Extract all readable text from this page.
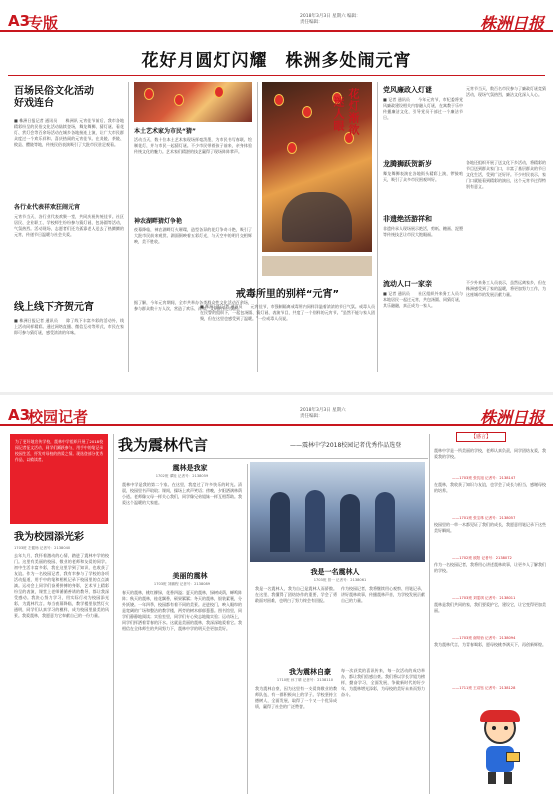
A3
专版	2018年3月3日 星期六 编辑：
责任编辑：	株洲日报
花好月圆灯闪耀　株洲多处闹元宵
百场民俗文化活动
好戏连台
■ 株洲日报记者 通讯员　　株洲讯 元宵佳节前后，我市各地精彩纷呈的民俗文化活动陆续登场，舞龙舞狮、猜灯谜、看花灯、赏灯会等百余场活动在城乡各地接连上演，让广大市民群众度过一个欢乐祥和、喜庆热闹的元宵佳节。在炎陵、茶陵、攸县、醴陵等地，传统民俗表演吸引了大批市民驻足观看。
各行业代表祥欢狂闹元宵
元宵节当天，各行业代表欢聚一堂，共同庆祝传统佳节。社区居民、企业职工、学校师生纷纷参与猜灯谜、包汤圆等活动，气氛热烈。活动现场，志愿者们还为孤寡老人送去了热腾腾的元宵，传递节日温暖与社会关爱。
线上线下齐贺元宵
■ 株洲日报记者 通讯员　　除了线下丰富多彩的活动外，线上活动同样精彩。通过网络直播、微信互动等形式，市民在家即可参与猜灯谜，感受浓浓的年味。
本土艺术家为市民“猜”
活动当天，数十位本土艺术家现场挥毫泼墨，为市民书写春联、绘制花灯，并与市民一起猜灯谜。不少市民带着孩子前来，亲身体验传统文化的魅力。艺术家们精湛的技艺赢得了现场阵阵掌声。
神农湖畔猜灯争艳
夜幕降临，神农湖畔灯火璀璨，造型各异的花灯争奇斗艳，吸引了大批市民前来观赏。湖面倒映着五彩灯光，与天空中的明月交相辉映，美不胜收。
据了解，今年元宵期间，全市共举办各类群众性文化活动百余场，参与群众数十万人次，营造了欢乐、祥和、文明的节日氛围。
迷人眼 花灯渐欲
戒毒所里的别样“元宵”
■ 株洲日报记者 通讯员　　元宵佳节，市强制隔离戒毒所内同样洋溢着浓浓的节日气氛。戒毒人员在民警的组织下，一起包汤圆、猜灯谜、表演节目，共度了一个别样的元宵节。“虽然不能与家人团聚，但在这里也感受到了温暖。”一位戒毒人员说。
党风廉政入灯谜
■ 记者 通讯员　　今年元宵节，市纪委将党风廉政建设相关内容融入灯谜，在寓教于乐中传播廉洁文化，引导党员干部过一个廉洁节日。
元宵节当天，数百名市民参与了廉政灯谜竞猜活动，现场气氛热烈，廉洁文化深入人心。
龙腾狮跃贺新岁
舞龙舞狮表演在各地街头精彩上演，锣鼓喧天，吸引了众多市民围观叫好。
非遗绝活游祥和
非遗传承人现场展示绝活，剪纸、糖画、泥塑等传统技艺让市民大饱眼福。
各地还组织开展了送文化下乡活动，将精彩的节目送到群众家门口，丰富了基层群众的节日文化生活，受到广泛好评。不少村民表示，家门口就能看到精彩的演出，这个元宵节过得特别有意义。
流动人口一家亲
■ 记者 通讯员　　社区组织外来务工人员与本地居民一起过元宵，共包汤圆、同猜灯谜，其乐融融，真正成为一家人。
不少外来务工人员表示，虽然远离家乡，但在株洲感受到了家的温暖，将更加努力工作，为这座城市的发展贡献力量。
A3
校园记者	2018年3月3日 星期六
责任编辑：	株洲日报
为了更好地宣传学校，震林中学组织开展了2018校园记者征文活动，同学们踊跃参与，用手中的笔记录校园生活，抒发对母校的热爱之情。现选登部分优秀作品，以飨读者。
我为校园添光彩
1703班 左健杨 记者号：2138040
去年九月，我怀着激动的心情，踏进了震林中学的校门。这里有美丽的校园、敬业的老师和友爱的同学。初中生活丰富多彩，我在这里学到了知识，也收获了友谊。作为一名校园记者，我有幸参与了学校的各项活动报道，用手中的笔和相机记录下校园里的点点滴滴。运动会上同学们奋勇拼搏的身影，艺术节上精彩纷呈的表演，课堂上老师循循善诱的教导，都让我深受感动。我决心努力学习，用实际行动为校园添光彩，为震林代言。每当夜幕降临，教学楼里依然灯火通明，同学们认真学习的模样，成为校园里最美的风景。我爱震林，我愿意为它奉献自己的一份力量。
我为震林代言	——震林中学2018校园记者优秀作品选登
震林是我家
1702班 谭姓 记者号：2138059
震林中学是我的第二个家。在这里，我度过了许多快乐的时光。清晨，校园里书声琅琅；课间，操场上欢声笑语；傍晚，夕阳洒满林荫小道。老师像父母一样关心我们，同学像兄弟姐妹一样互相帮助。我爱这个温暖的大家庭。
美丽的震林
1703班 刘鹏程 记者号：2138089
春天的震林，桃红柳绿，花香四溢；夏天的震林，绿树成荫，蝉鸣阵阵；秋天的震林，桂花飘香，硕果累累；冬天的震林，银装素裹，分外妖娆。一年四季，校园都有着不同的美景。走进校门，映入眼帘的是宽阔的广场和整洁的教学楼，两旁的树木郁郁葱葱。图书馆里，同学们静静地阅读；实验室里，同学们专心致志地做实验；运动场上，同学们挥洒着青春的汗水。这就是美丽的震林，我深深地爱着它。我相信在全体师生的共同努力下，震林中学的明天会更加美好。
我是一名震林人
1703班 曾一 记者号：2138061
我是一名震林人，我为自己是震林人而骄傲。在这里，我懂得了团结协作的重要，学会了勇敢面对困难，也明白了努力终会有回报。
作为校园记者，我将继续用心观察、用笔记录，讲好震林故事，传播震林声音，为学校发展贡献自己的力量。
我为震林自豪
1710班 孙丁晴 记者号：2138110
我为震林自豪，因为这里有一支爱岗敬业的教师队伍，有一群积极向上的学子。学校坚持立德树人，全面发展，取得了一个又一个优异成绩，赢得了社会的广泛赞誉。
每一次获奖的喜讯传来，每一次活动的成功举办，都让我们倍感自豪。我们将以学长学姐为榜样，勤奋学习，全面发展，争做新时代的好少年，为震林增光添彩，为母校的美好未来而努力奋斗。
【感言】
震林中学是一所美丽的学校，老师认真负责，同学团结友爱，我爱我的学校。
——1703班 张伉旭 记者号：2138147
在震林，我收获了知识与友谊，也学会了成长与担当，感谢母校的培养。
——1701班 张宝珠 记者号：2138057
校园里的一草一木都见证了我们的成长，我愿意用笔记录下这些美好瞬间。
——1702班 欧阳 记者号：2138072
作为一名校园记者，我将用心讲述震林故事，让更多人了解我们的学校。
——1703班 刘雯琪 记者号：2138011
震林是我们共同的家，我们要爱护它，建设它，让它变得更加美丽。
——1703班 谢易怡 记者号：2138094
我为震林代言，为青春喝彩，愿母校桃李满天下，再创新辉煌。
——1711班 王双钰 记者号：2138128
